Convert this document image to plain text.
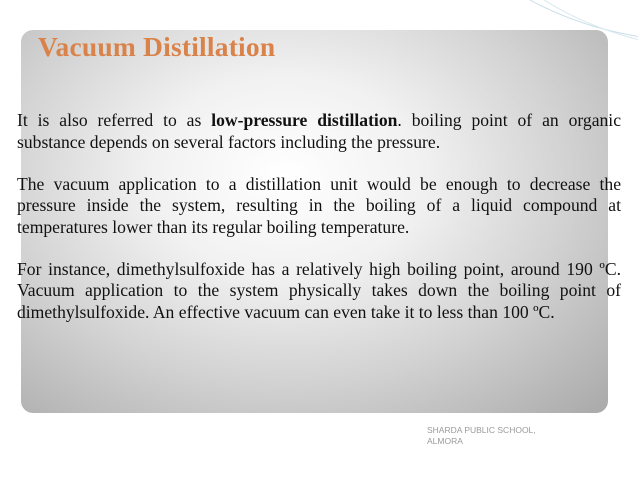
Vacuum Distillation

It is also referred to as low-pressure distillation. boiling point of an organic substance depends on several factors including the pressure.

The vacuum application to a distillation unit would be enough to decrease the pressure inside the system, resulting in the boiling of a liquid compound at temperatures lower than its regular boiling temperature.

For instance, dimethylsulfoxide has a relatively high boiling point, around 190 ºC. Vacuum application to the system physically takes down the boiling point of dimethylsulfoxide. An effective vacuum can even take it to less than 100 ºC.

SHARDA PUBLIC SCHOOL,
ALMORA
